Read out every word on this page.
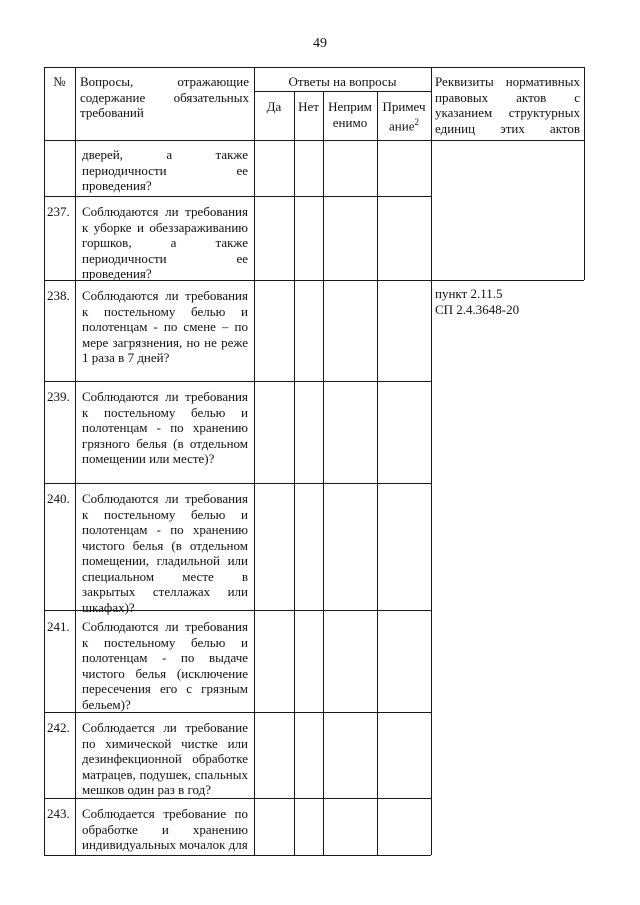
49
№	Вопросы, отражающие содержание обязательных требований
Ответы на вопросы
Да	Нет Неприм
енимо
Примеч
ание$^2$
Реквизиты нормативных правовых актов с указанием структурных единиц этих актов
дверей, а также периодичности ее проведения?
237. Соблюдаются ли требования к уборке и обеззараживанию горшков, а также периодичности ее проведения?
238. Соблюдаются ли требования к постельному белью и полотенцам - по смене – по мере загрязнения, но не реже 1 раза в 7 дней?
пункт 2.11.5
СП 2.4.3648-20
239. Соблюдаются ли требования к постельному белью и полотенцам - по хранению грязного белья (в отдельном помещении или месте)?
240. Соблюдаются ли требования к постельному белью и полотенцам - по хранению чистого белья (в отдельном помещении, гладильной или специальном месте в закрытых стеллажах или шкафах)?
241. Соблюдаются ли требования к постельному белью и полотенцам - по выдаче чистого белья (исключение пересечения его с грязным бельем)?
242. Соблюдается ли требование по химической чистке или дезинфекционной обработке матрацев, подушек, спальных мешков один раз в год?
243. Соблюдается требование по обработке и хранению индивидуальных мочалок для
